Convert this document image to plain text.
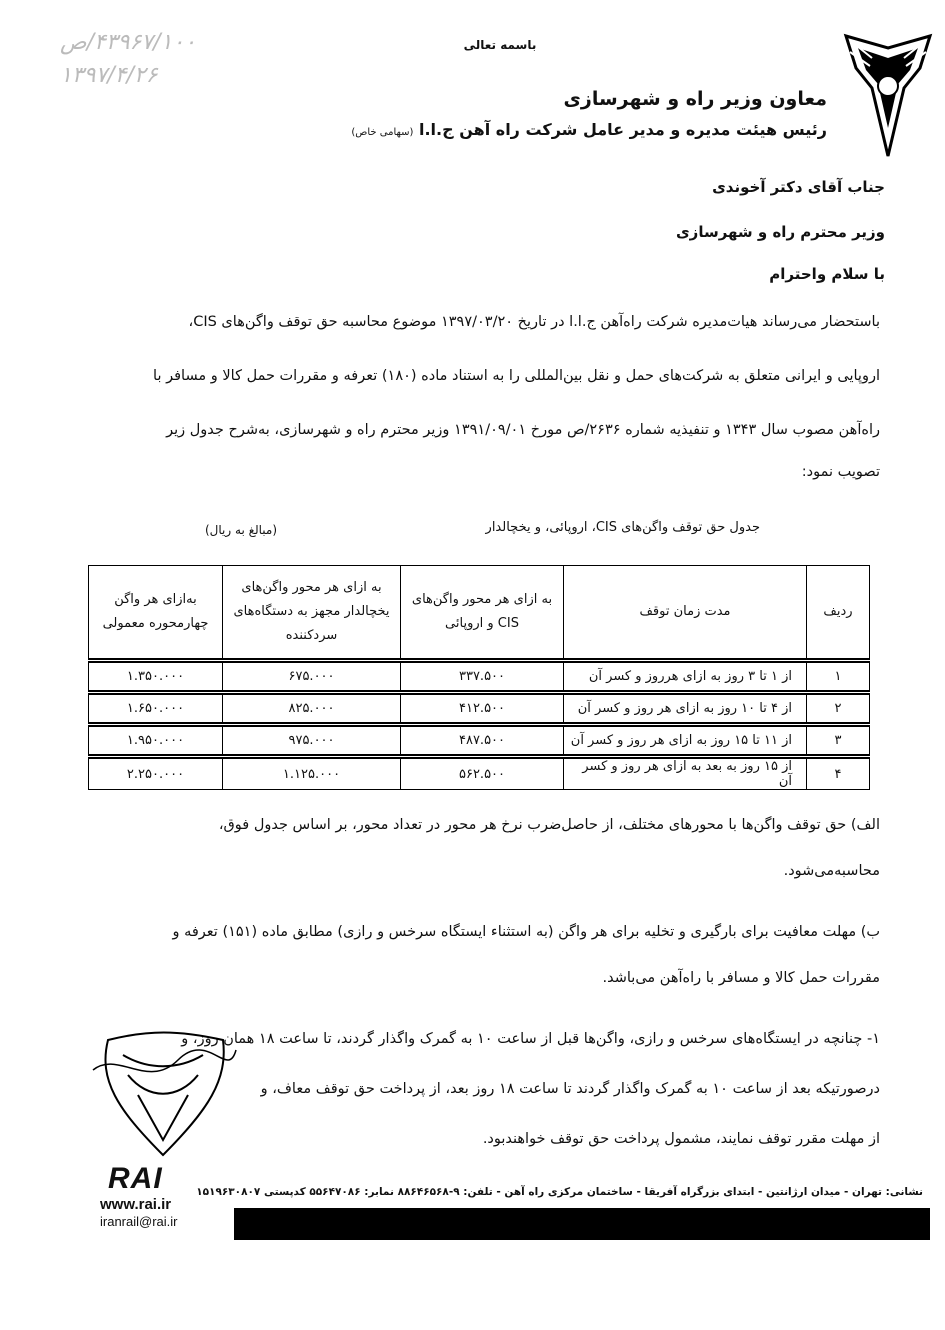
باسمه تعالی
۴۳۹۶۷/۱۰۰/ص
۱۳۹۷/۴/۲۶
معاون وزیر راه و شهرسازی
رئیس هیئت مدیره و مدیر عامل شرکت راه آهن ج.ا.ا (سهامی خاص)
جناب آقای دکتر آخوندی
وزیر محترم راه و شهرسازی
با سلام واحترام
باستحضار می‌رساند هیات‌مدیره شرکت راه‌آهن ج.ا.ا در تاریخ ۱۳۹۷/۰۳/۲۰ موضوع محاسبه حق توقف واگن‌های CIS،
اروپایی و ایرانی متعلق به شرکت‌های حمل و نقل بین‌المللی را به استناد ماده (۱۸۰) تعرفه و مقررات حمل کالا و مسافر با
راه‌آهن مصوب سال ۱۳۴۳ و تنفیذیه شماره ۲۶۳۶/ص مورخ ۱۳۹۱/۰۹/۰۱ وزیر محترم راه و شهرسازی، به‌شرح جدول زیر
تصویب نمود:
جدول حق توقف واگن‌های CIS، اروپائی، و یخچالدار
(مبالغ به ریال)
ردیف	مدت زمان توقف	به ازای هر محور واگن‌های CIS و اروپائی	به ازای هر محور واگن‌های یخچالدار مجهز به دستگاه‌های سردکننده	به‌ازای هر واگن چهارمحوره معمولی
۱	از ۱ تا ۳ روز به ازای هرروز و کسر آن	۳۳۷.۵۰۰	۶۷۵.۰۰۰	۱.۳۵۰.۰۰۰
۲	از ۴ تا ۱۰ روز به ازای هر روز و کسر آن	۴۱۲.۵۰۰	۸۲۵.۰۰۰	۱.۶۵۰.۰۰۰
۳	از ۱۱ تا ۱۵ روز به ازای هر روز و کسر آن	۴۸۷.۵۰۰	۹۷۵.۰۰۰	۱.۹۵۰.۰۰۰
۴	از ۱۵ روز به بعد به ازای هر روز و کسر آن	۵۶۲.۵۰۰	۱.۱۲۵.۰۰۰	۲.۲۵۰.۰۰۰
الف) حق توقف واگن‌ها با محورهای مختلف، از حاصل‌ضرب نرخ هر محور در تعداد محور، بر اساس جدول فوق،
محاسبه‌می‌شود.
ب) مهلت معافیت برای بارگیری و تخلیه برای هر واگن (به استثناء ایستگاه سرخس و رازی) مطابق ماده (۱۵۱) تعرفه و
مقررات حمل کالا و مسافر با راه‌آهن می‌باشد.
۱- چنانچه در ایستگاه‌های سرخس و رازی، واگن‌ها قبل از ساعت ۱۰ به گمرک واگذار گردند، تا ساعت ۱۸ همان روز، و
درصورتیکه بعد از ساعت ۱۰ به گمرک واگذار گردند تا ساعت ۱۸ روز بعد، از پرداخت حق توقف معاف، و
از مهلت مقرر توقف نمایند، مشمول پرداخت حق توقف خواهندبود.
RAI
www.rai.ir
iranrail@rai.ir
نشانی: تهران - میدان ارژانتین - ابتدای بزرگراه آفریقا - ساختمان مرکزی راه آهن - تلفن: ۹-۸۸۶۴۶۵۶۸ نمابر: ۵۵۶۴۷۰۸۶ کدپستی ۱۵۱۹۶۳۰۸۰۷
